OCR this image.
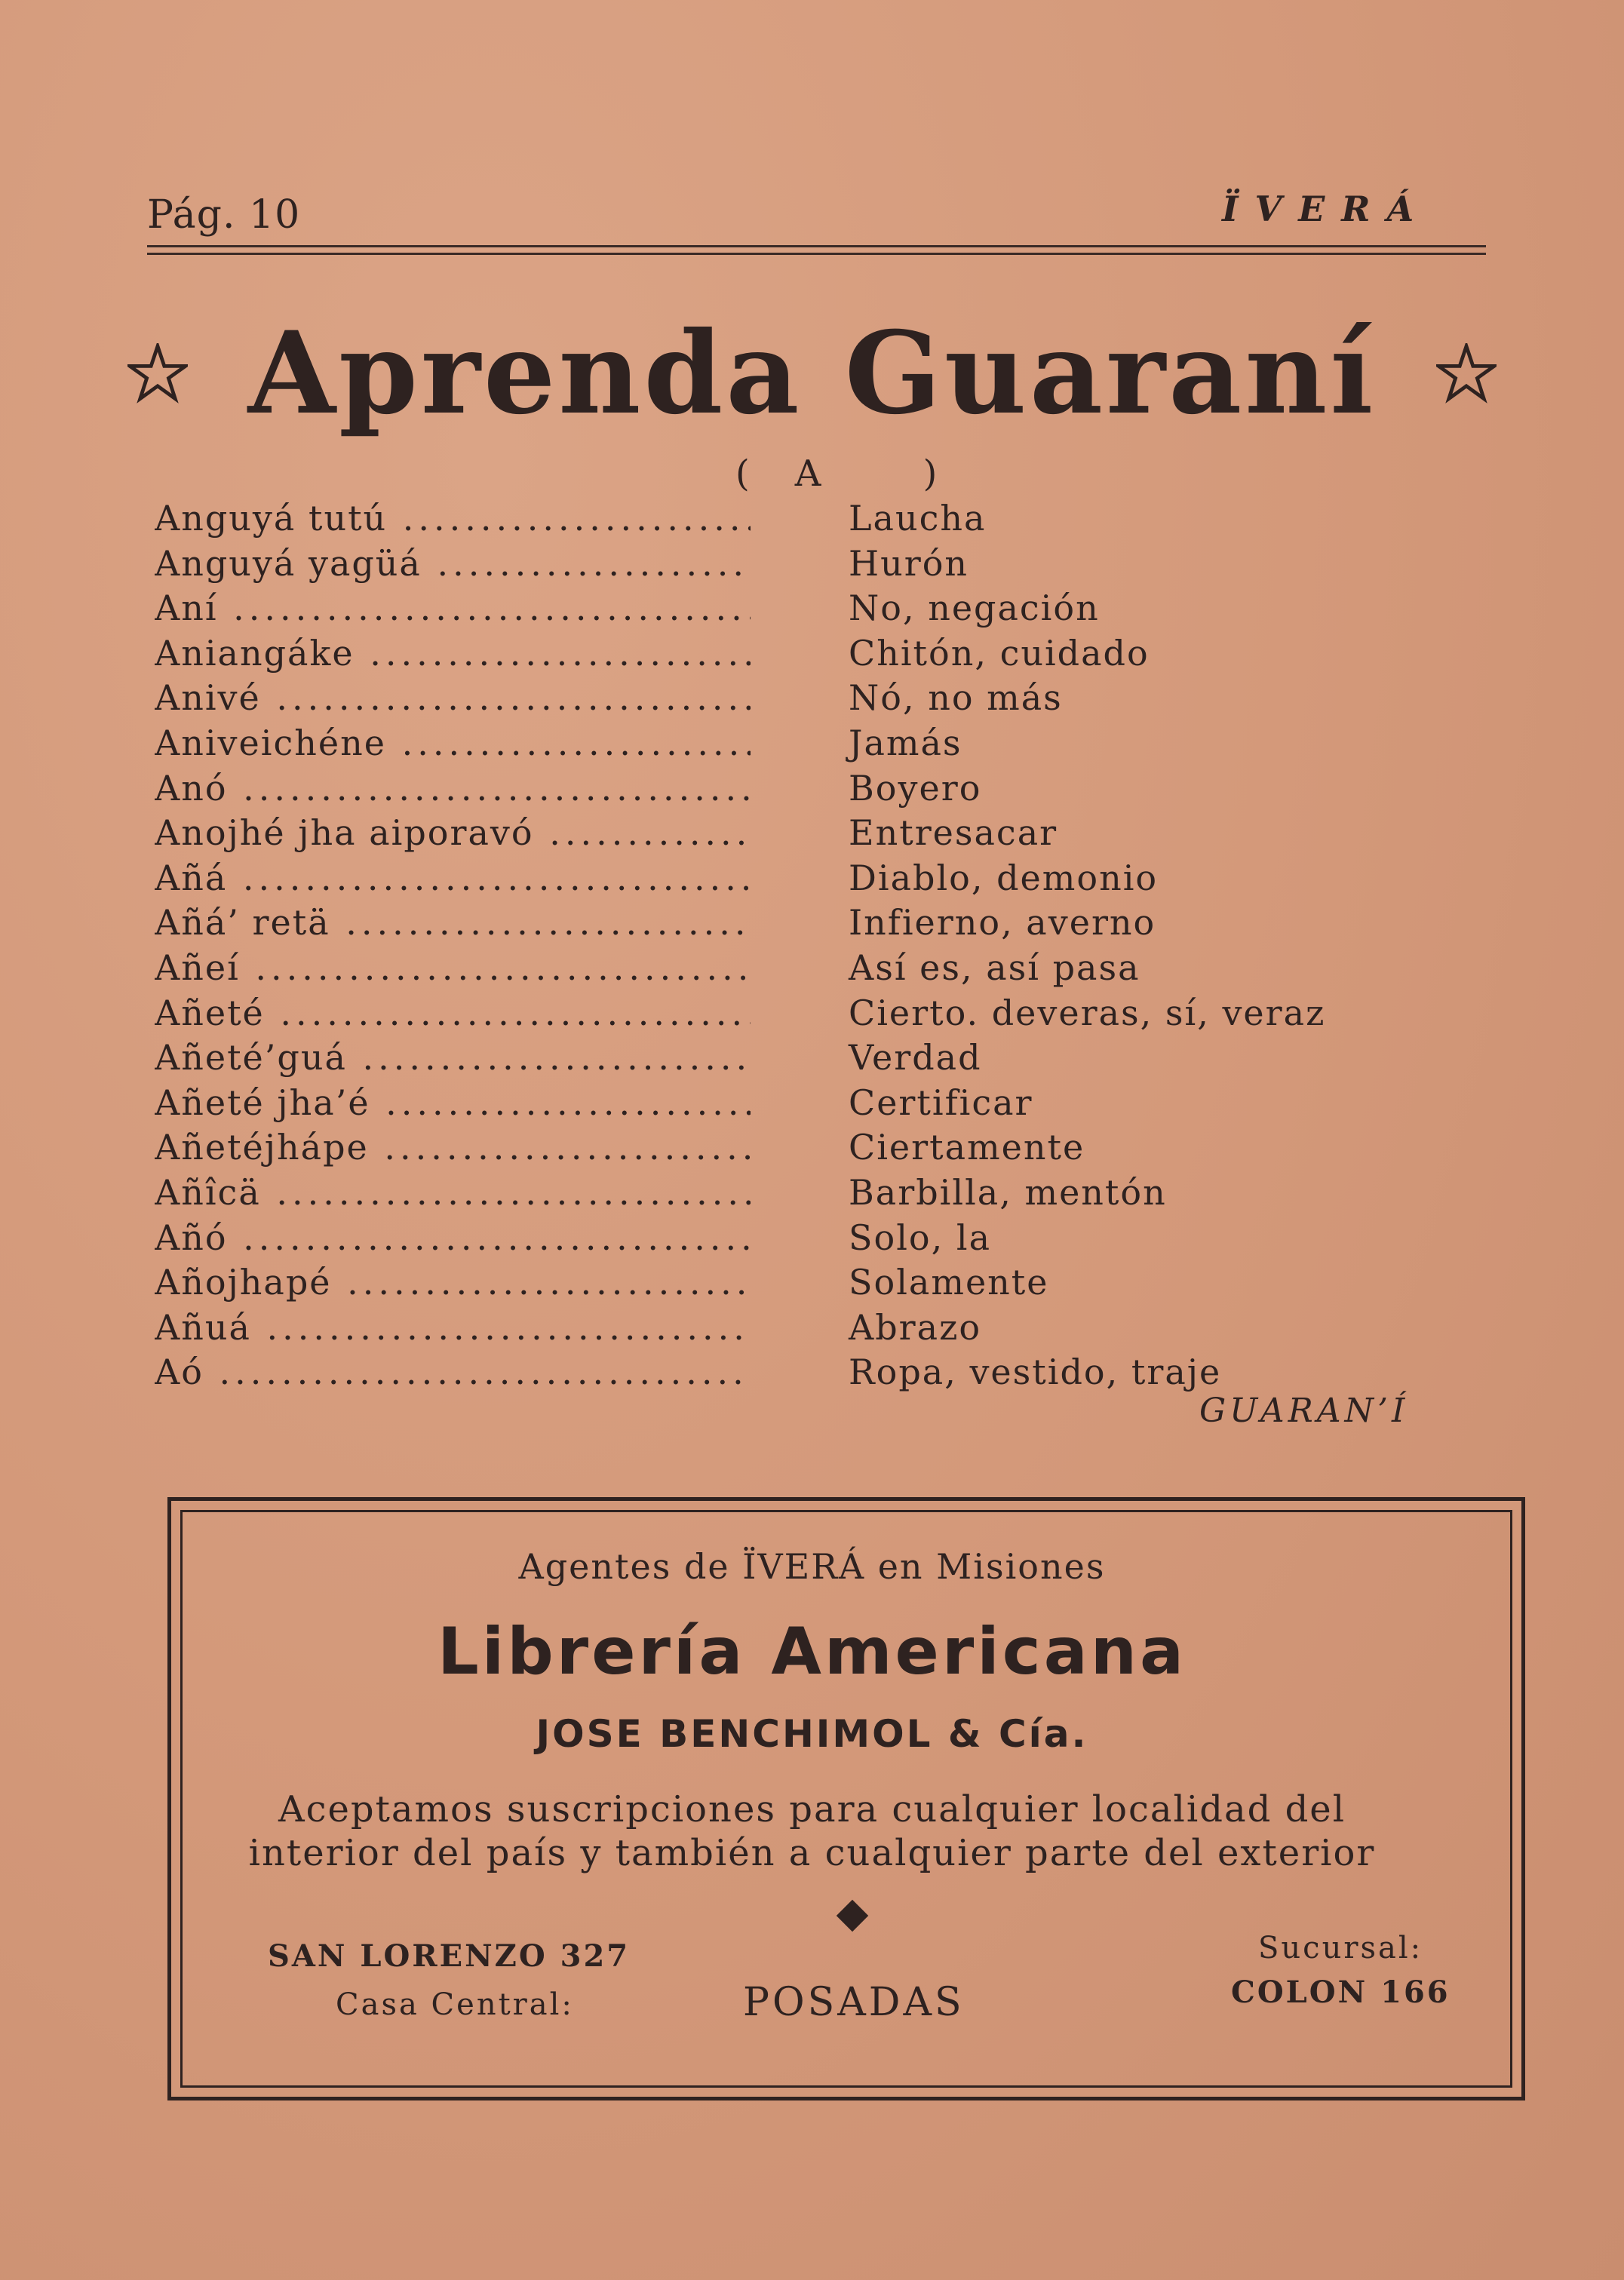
Pág. 10	ÏVERÁ
Aprenda Guaraní
(A )
Anguyá tutú .....	Laucha
Anguyá yagüá .....	Hurón
Aní .....	No, negación
Aniangáke .....	Chitón, cuidado
Anivé .....	Nó, no más
Aniveichéne .....	Jamás
Anó .....	Boyero
Anojhé jha aiporavó .....	Entresacar
Añá .....	Diablo, demonio
Añá’ retä .....	Infierno, averno
Añeí .....	Así es, así pasa
Añeté .....	Cierto. deveras, sí, veraz
Añeté’guá .....	Verdad
Añeté jha’é .....	Certificar
Añetéjhápe .....	Ciertamente
Añîcä .....	Barbilla, mentón
Añó .....	Solo, la
Añojhapé .....	Solamente
Añuá .....	Abrazo
Aó .....	Ropa, vestido, traje
GUARAN’Í
Agentes de ÏVERÁ en Misiones
Librería Americana
JOSE BENCHIMOL & Cía.
Aceptamos suscripciones para cualquier localidad del
interior del país y también a cualquier parte del exterior
SAN LORENZO 327
Casa Central:	POSADAS
Sucursal:
COLON 166
